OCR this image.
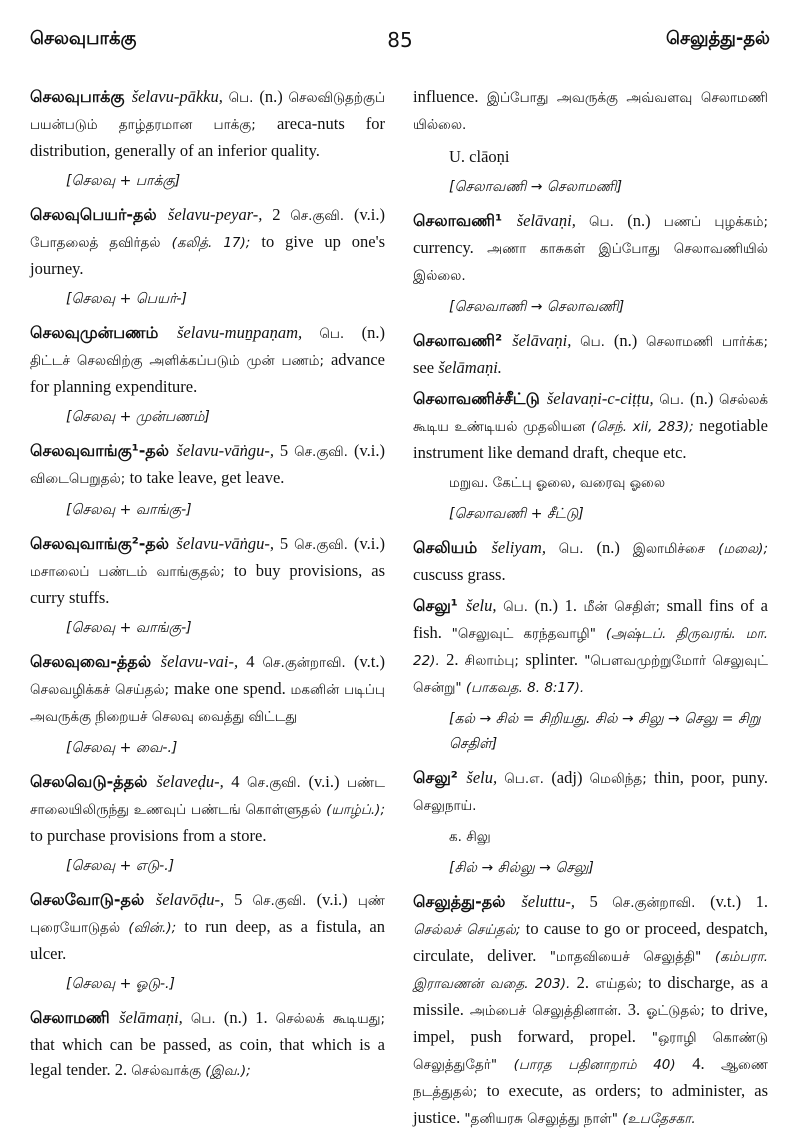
செலவுபாக்கு	85	செலுத்து-தல்
செலவுபாக்கு šelavu-pākku, பெ. (n.) செலவிடுதற்குப் பயன்படும் தாழ்தரமான பாக்கு; areca-nuts for distribution, generally of an inferior quality.
[செலவு + பாக்கு]
செலவுபெயர்-தல் šelavu-peyar-, 2 செ.குவி. (v.i.) போதலைத் தவிர்தல் (கலித். 17); to give up one's journey.
[செலவு + பெயர்-]
செலவுமுன்பணம் šelavu-muṉpaṇam, பெ. (n.) திட்டச் செலவிற்கு அளிக்கப்படும் முன் பணம்; advance for planning expenditure.
[செலவு + முன்பணம்]
செலவுவாங்கு¹-தல் šelavu-vāṅgu-, 5 செ.குவி. (v.i.) விடைபெறுதல்; to take leave, get leave.
[செலவு + வாங்கு-]
செலவுவாங்கு²-தல் šelavu-vāṅgu-, 5 செ.குவி. (v.i.) மசாலைப் பண்டம் வாங்குதல்; to buy provisions, as curry stuffs.
[செலவு + வாங்கு-]
செலவுவை-த்தல் šelavu-vai-, 4 செ.குன்றாவி. (v.t.) செலவழிக்கச் செய்தல்; make one spend. மகனின் படிப்பு அவருக்கு நிறையச் செலவு வைத்து விட்டது
[செலவு + வை-.]
செலவெடு-த்தல் šelaveḍu-, 4 செ.குவி. (v.i.) பண்ட சாலையிலிருந்து உணவுப் பண்டங் கொள்ளுதல் (யாழ்ப்.); to purchase provisions from a store.
[செலவு + எடு-.]
செலவோடு-தல் šelavōḍu-, 5 செ.குவி. (v.i.) புண் புரையோடுதல் (வின்.); to run deep, as a fistula, an ulcer.
[செலவு + ஓடு-.]
செலாமணி šelāmaṇi, பெ. (n.) 1. செல்லக் கூடியது; that which can be passed, as coin, that which is a legal tender. 2. செல்வாக்கு (இவ.);
influence. இப்போது அவருக்கு அவ்வளவு செலாமணி யில்லை.
U. clāoṇi
[செலாவணி → செலாமணி]
செலாவணி¹ šelāvaṇi, பெ. (n.) பணப் புழக்கம்; currency. அணா காசுகள் இப்போது செலாவணியில் இல்லை.
[செலவாணி → செலாவணி]
செலாவணி² šelāvaṇi, பெ. (n.) செலாமணி பார்க்க; see šelāmaṇi.
செலாவணிச்சீட்டு šelavaṇi-c-ciṭṭu, பெ. (n.) செல்லக் கூடிய உண்டியல் முதலியன (செந். xii, 283); negotiable instrument like demand draft, cheque etc.
மறுவ. கேட்பு ஓலை, வரைவு ஓலை
[செலாவணி + சீட்டு]
செலியம் šeliyam, பெ. (n.) இலாமிச்சை (மலை); cuscuss grass.
செலு¹ šelu, பெ. (n.) 1. மீன் செதிள்; small fins of a fish. "செலுவுட் கரந்தவாழி" (அஷ்டப். திருவரங். மா. 22). 2. சிலாம்பு; splinter. "பௌவமுற்றுமோர் செலுவுட் சென்று" (பாகவத. 8. 8:17).
[கல் → சில் = சிறியது. சில் → சிலு → செலு = சிறு செதிள்]
செலு² šelu, பெ.எ. (adj) மெலிந்த; thin, poor, puny. செலுநாய்.
க. சிலு
[சில் → சில்லு → செலு]
செலுத்து-தல் šeluttu-, 5 செ.குன்றாவி. (v.t.) 1. செல்லச் செய்தல்; to cause to go or proceed, despatch, circulate, deliver. "மாதவியைச் செலுத்தி" (கம்பரா. இராவணன் வதை. 203). 2. எய்தல்; to discharge, as a missile. அம்பைச் செலுத்தினான். 3. ஓட்டுதல்; to drive, impel, push forward, propel. "ஒராழி கொண்டு செலுத்துதேர்" (பாரத பதினாறாம் 40) 4. ஆணை நடத்துதல்; to execute, as orders; to administer, as justice. "தனியரசு செலுத்து நாள்" (உபதேசகா.
